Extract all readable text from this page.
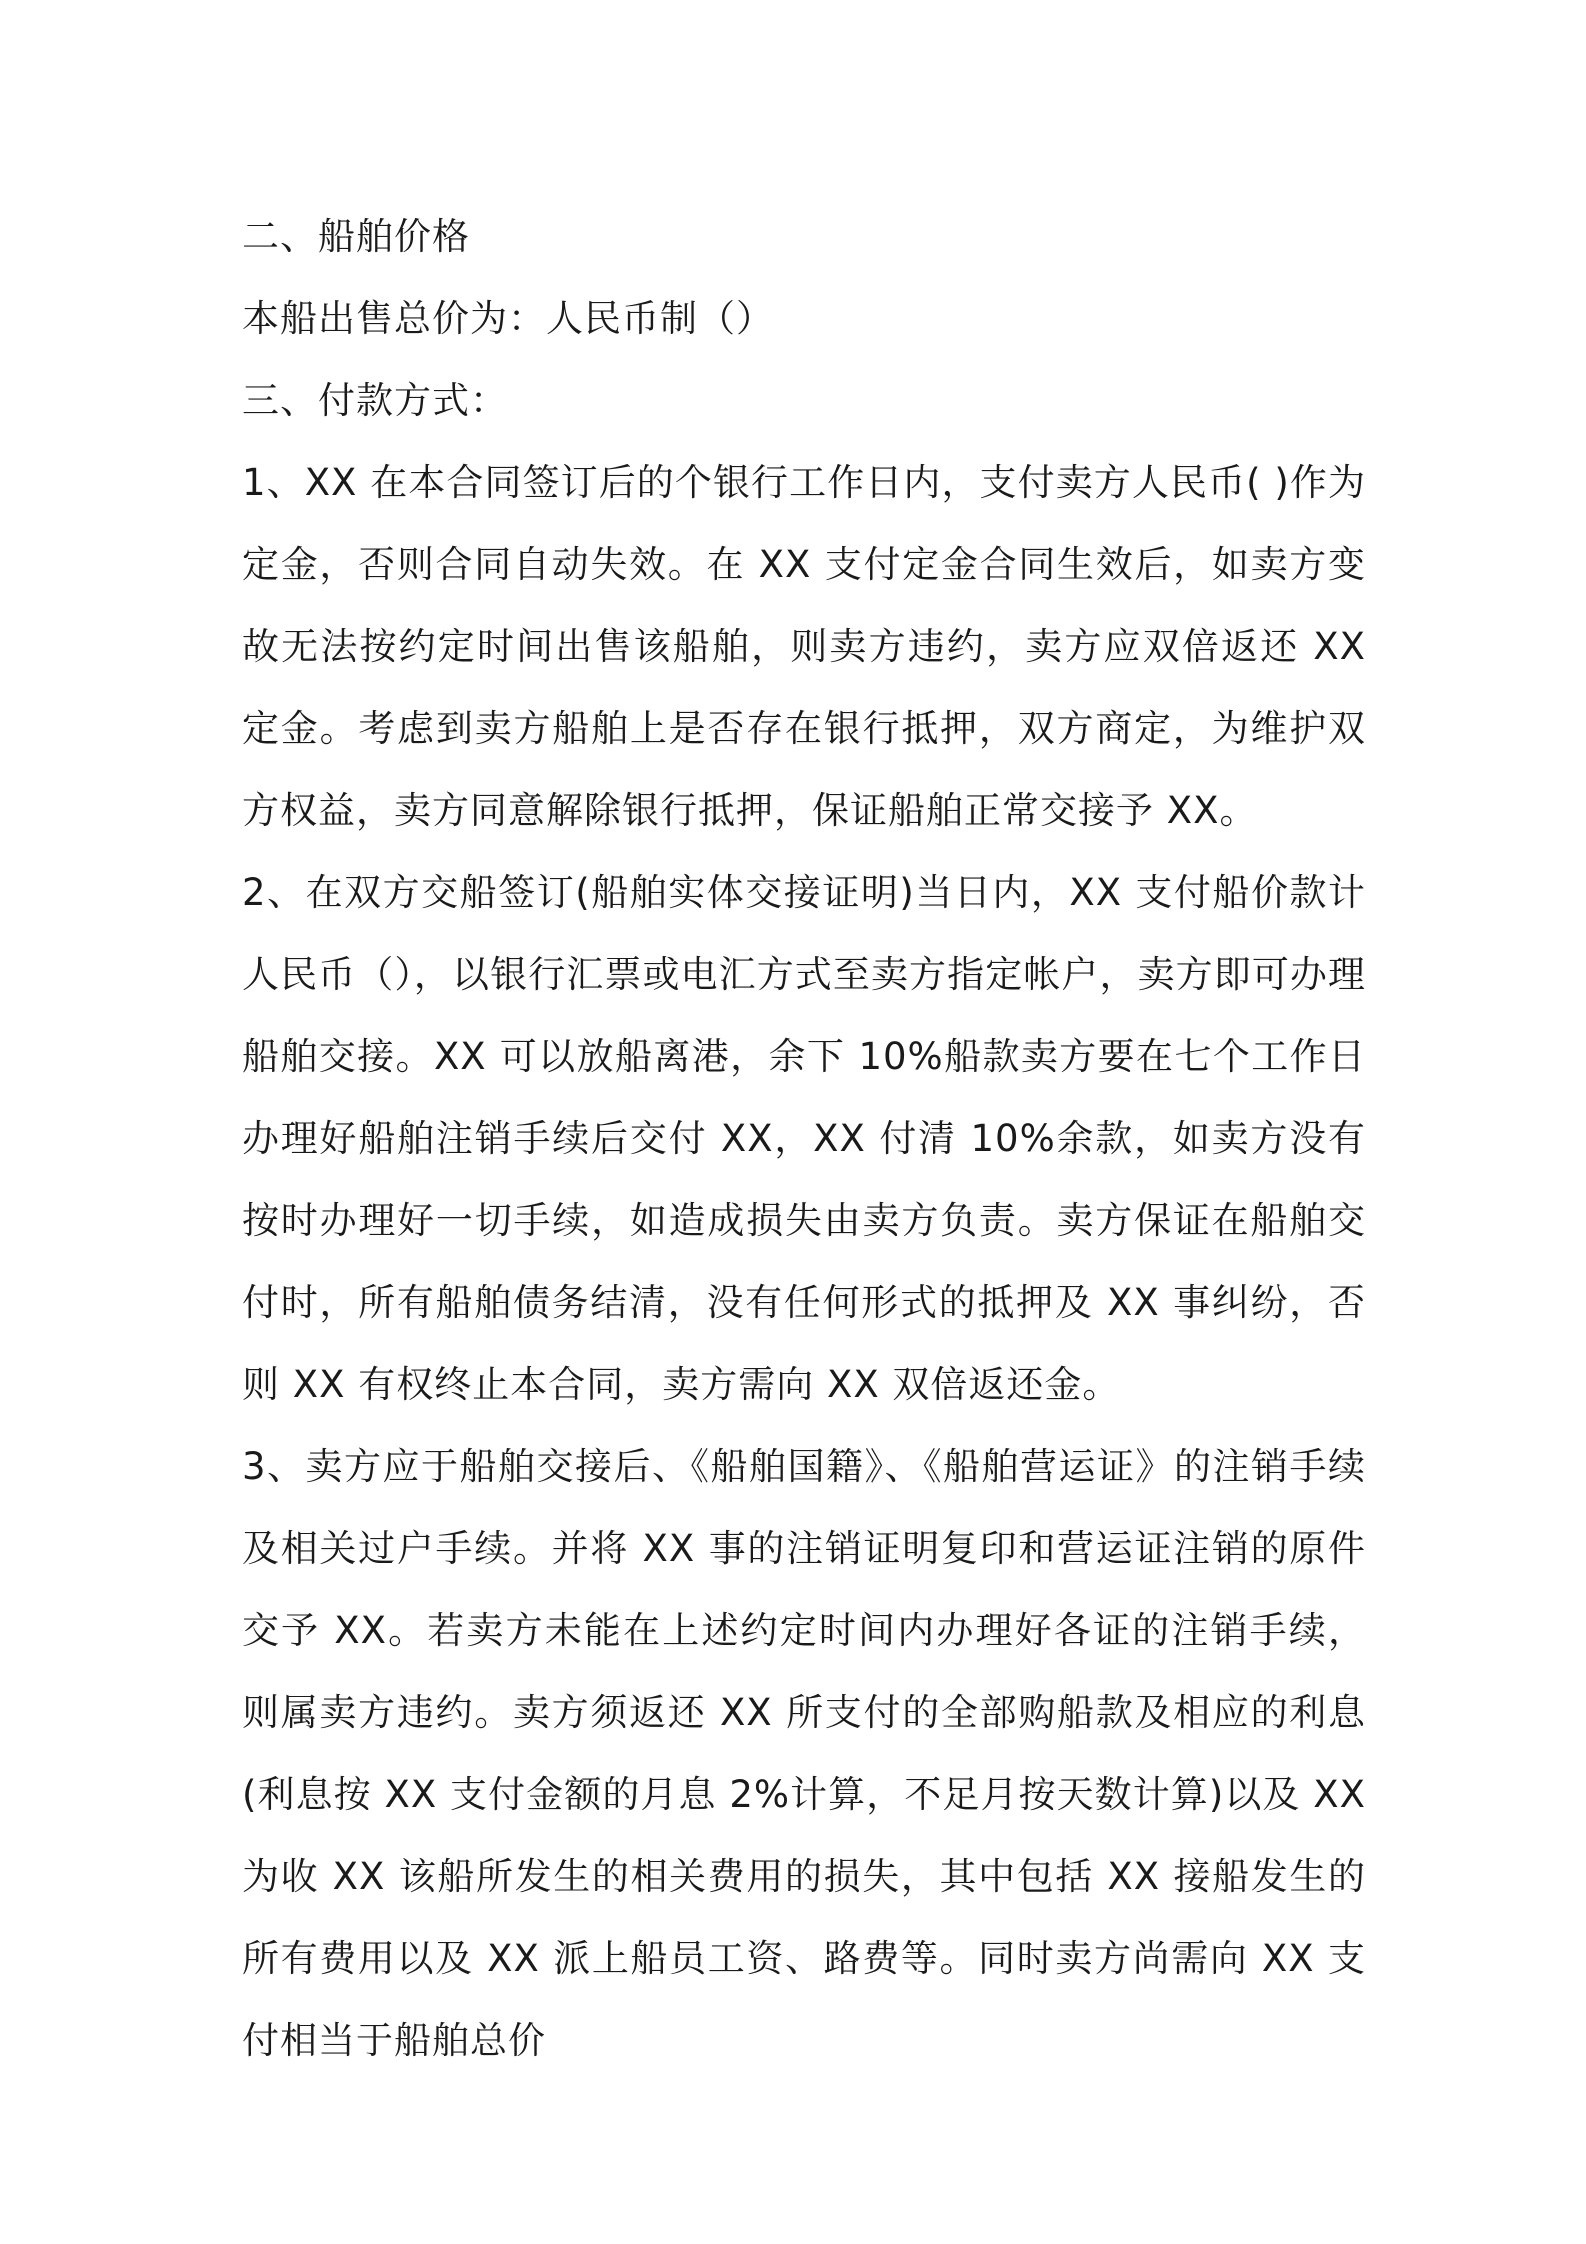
二、船舶价格

本船出售总价为：人民币制（）

三、付款方式：

1、XX 在本合同签订后的个银行工作日内，支付卖方人民币( )作为定金，否则合同自动失效。在 XX 支付定金合同生效后，如卖方变故无法按约定时间出售该船舶，则卖方违约，卖方应双倍返还 XX 定金。考虑到卖方船舶上是否存在银行抵押，双方商定，为维护双方权益，卖方同意解除银行抵押，保证船舶正常交接予 XX。

2、在双方交船签订(船舶实体交接证明)当日内，XX 支付船价款计人民币（），以银行汇票或电汇方式至卖方指定帐户，卖方即可办理船舶交接。XX 可以放船离港，余下 10%船款卖方要在七个工作日办理好船舶注销手续后交付 XX，XX 付清 10%余款，如卖方没有按时办理好一切手续，如造成损失由卖方负责。卖方保证在船舶交付时，所有船舶债务结清，没有任何形式的抵押及 XX 事纠纷，否则 XX 有权终止本合同，卖方需向 XX 双倍返还金。

3、卖方应于船舶交接后、《船舶国籍》、《船舶营运证》的注销手续及相关过户手续。并将 XX 事的注销证明复印和营运证注销的原件交予 XX。若卖方未能在上述约定时间内办理好各证的注销手续，则属卖方违约。卖方须返还 XX 所支付的全部购船款及相应的利息(利息按 XX 支付金额的月息 2%计算，不足月按天数计算)以及 XX 为收 XX 该船所发生的相关费用的损失，其中包括 XX 接船发生的所有费用以及 XX 派上船员工资、路费等。同时卖方尚需向 XX 支付相当于船舶总价
